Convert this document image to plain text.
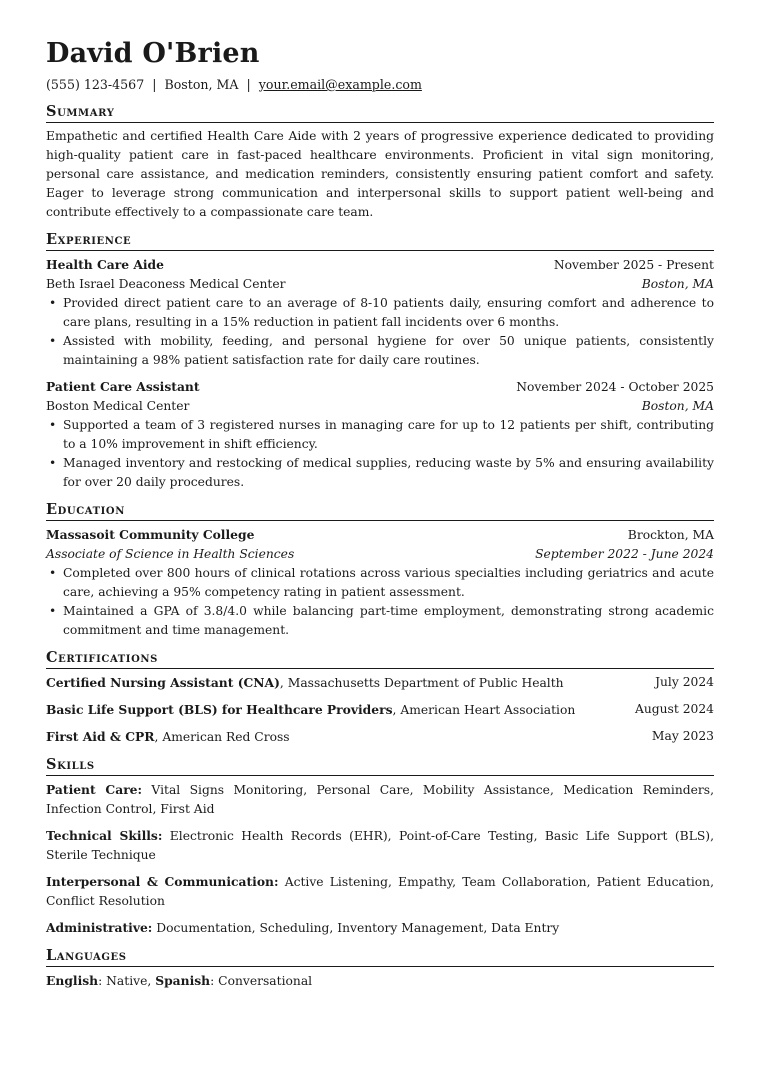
David O'Brien
(555) 123-4567 | Boston, MA | your.email@example.com
Summary

Empathetic and certified Health Care Aide with 2 years of progressive experience dedicated to providing high-quality patient care in fast-paced healthcare environments. Proficient in vital sign monitoring, personal care assistance, and medication reminders, consistently ensuring patient comfort and safety. Eager to leverage strong communication and interpersonal skills to support patient well-being and contribute effectively to a compassionate care team.

Experience
Health Care Aide	November 2025 - Present
Beth Israel Deaconess Medical Center	Boston, MA
• Provided direct patient care to an average of 8-10 patients daily, ensuring comfort and adherence to care plans, resulting in a 15% reduction in patient fall incidents over 6 months.
• Assisted with mobility, feeding, and personal hygiene for over 50 unique patients, consistently maintaining a 98% patient satisfaction rate for daily care routines.
Patient Care Assistant	November 2024 - October 2025
Boston Medical Center	Boston, MA
• Supported a team of 3 registered nurses in managing care for up to 12 patients per shift, contributing to a 10% improvement in shift efficiency.
• Managed inventory and restocking of medical supplies, reducing waste by 5% and ensuring availability for over 20 daily procedures.
Education
Massasoit Community College	Brockton, MA
Associate of Science in Health Sciences	September 2022 - June 2024
• Completed over 800 hours of clinical rotations across various specialties including geriatrics and acute care, achieving a 95% competency rating in patient assessment.
• Maintained a GPA of 3.8/4.0 while balancing part-time employment, demonstrating strong academic commitment and time management.
Certifications
Certified Nursing Assistant (CNA), Massachusetts Department of Public Health	July 2024
Basic Life Support (BLS) for Healthcare Providers, American Heart Association	August 2024
First Aid & CPR, American Red Cross	May 2023
Skills

Patient Care: Vital Signs Monitoring, Personal Care, Mobility Assistance, Medication Reminders, Infection Control, First Aid

Technical Skills: Electronic Health Records (EHR), Point-of-Care Testing, Basic Life Support (BLS), Sterile Technique

Interpersonal & Communication: Active Listening, Empathy, Team Collaboration, Patient Education, Conflict Resolution

Administrative: Documentation, Scheduling, Inventory Management, Data Entry

Languages
English: Native, Spanish: Conversational
